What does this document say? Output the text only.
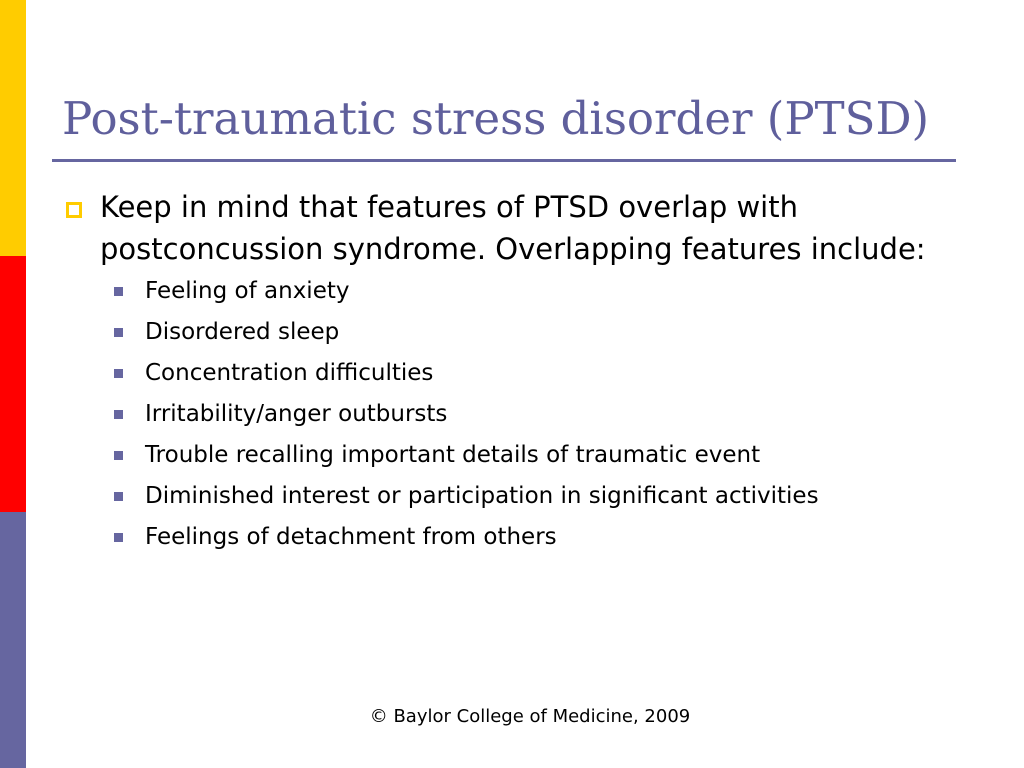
Post-traumatic stress disorder (PTSD)

Keep in mind that features of PTSD overlap with postconcussion syndrome. Overlapping features include:

Feeling of anxiety
Disordered sleep
Concentration difficulties
Irritability/anger outbursts
Trouble recalling important details of traumatic event
Diminished interest or participation in significant activities
Feelings of detachment from others
© Baylor College of Medicine, 2009
